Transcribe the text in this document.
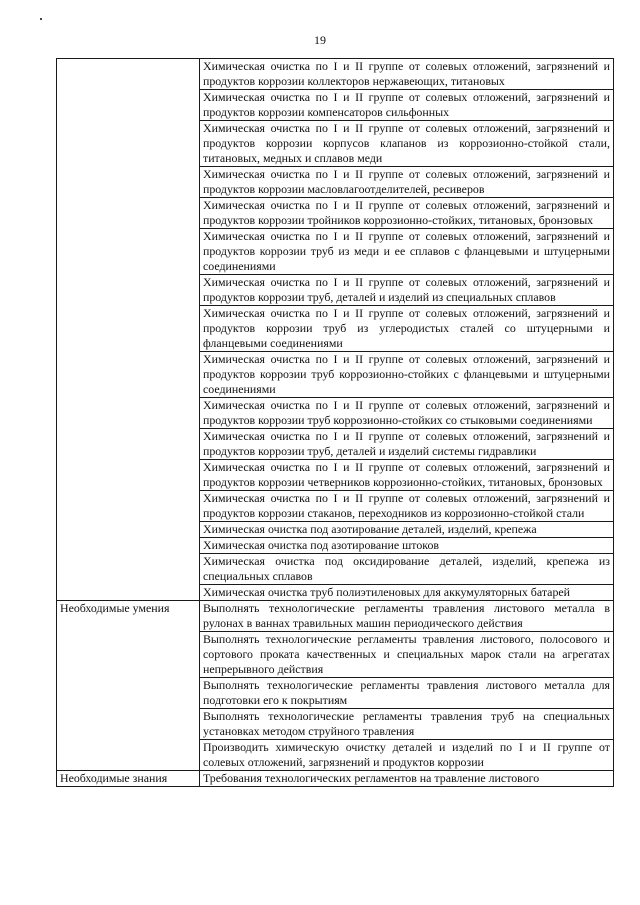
19
	Химическая очистка по I и II группе от солевых отложений, загрязнений и продуктов коррозии коллекторов нержавеющих, титановых
	Химическая очистка по I и II группе от солевых отложений, загрязнений и продуктов коррозии компенсаторов сильфонных
	Химическая очистка по I и II группе от солевых отложений, загрязнений и продуктов коррозии корпусов клапанов из коррозионно-стойкой стали, титановых, медных и сплавов меди
	Химическая очистка по I и II группе от солевых отложений, загрязнений и продуктов коррозии масловлагоотделителей, ресиверов
	Химическая очистка по I и II группе от солевых отложений, загрязнений и продуктов коррозии тройников коррозионно-стойких, титановых, бронзовых
	Химическая очистка по I и II группе от солевых отложений, загрязнений и продуктов коррозии труб из меди и ее сплавов с фланцевыми и штуцерными соединениями
	Химическая очистка по I и II группе от солевых отложений, загрязнений и продуктов коррозии труб, деталей и изделий из специальных сплавов
	Химическая очистка по I и II группе от солевых отложений, загрязнений и продуктов коррозии труб из углеродистых сталей со штуцерными и фланцевыми соединениями
	Химическая очистка по I и II группе от солевых отложений, загрязнений и продуктов коррозии труб коррозионно-стойких с фланцевыми и штуцерными соединениями
	Химическая очистка по I и II группе от солевых отложений, загрязнений и продуктов коррозии труб коррозионно-стойких со стыковыми соединениями
	Химическая очистка по I и II группе от солевых отложений, загрязнений и продуктов коррозии труб, деталей и изделий системы гидравлики
	Химическая очистка по I и II группе от солевых отложений, загрязнений и продуктов коррозии четверников коррозионно-стойких, титановых, бронзовых
	Химическая очистка по I и II группе от солевых отложений, загрязнений и продуктов коррозии стаканов, переходников из коррозионно-стойкой стали
	Химическая очистка под азотирование деталей, изделий, крепежа
	Химическая очистка под азотирование штоков
	Химическая очистка под оксидирование деталей, изделий, крепежа из специальных сплавов
	Химическая очистка труб полиэтиленовых для аккумуляторных батарей
Необходимые умения	Выполнять технологические регламенты травления листового металла в рулонах в ваннах травильных машин периодического действия
	Выполнять технологические регламенты травления листового, полосового и сортового проката качественных и специальных марок стали на агрегатах непрерывного действия
	Выполнять технологические регламенты травления листового металла для подготовки его к покрытиям
	Выполнять технологические регламенты травления труб на специальных установках методом струйного травления
	Производить химическую очистку деталей и изделий по I и II группе от солевых отложений, загрязнений и продуктов коррозии
Необходимые знания	Требования технологических регламентов на травление листового
